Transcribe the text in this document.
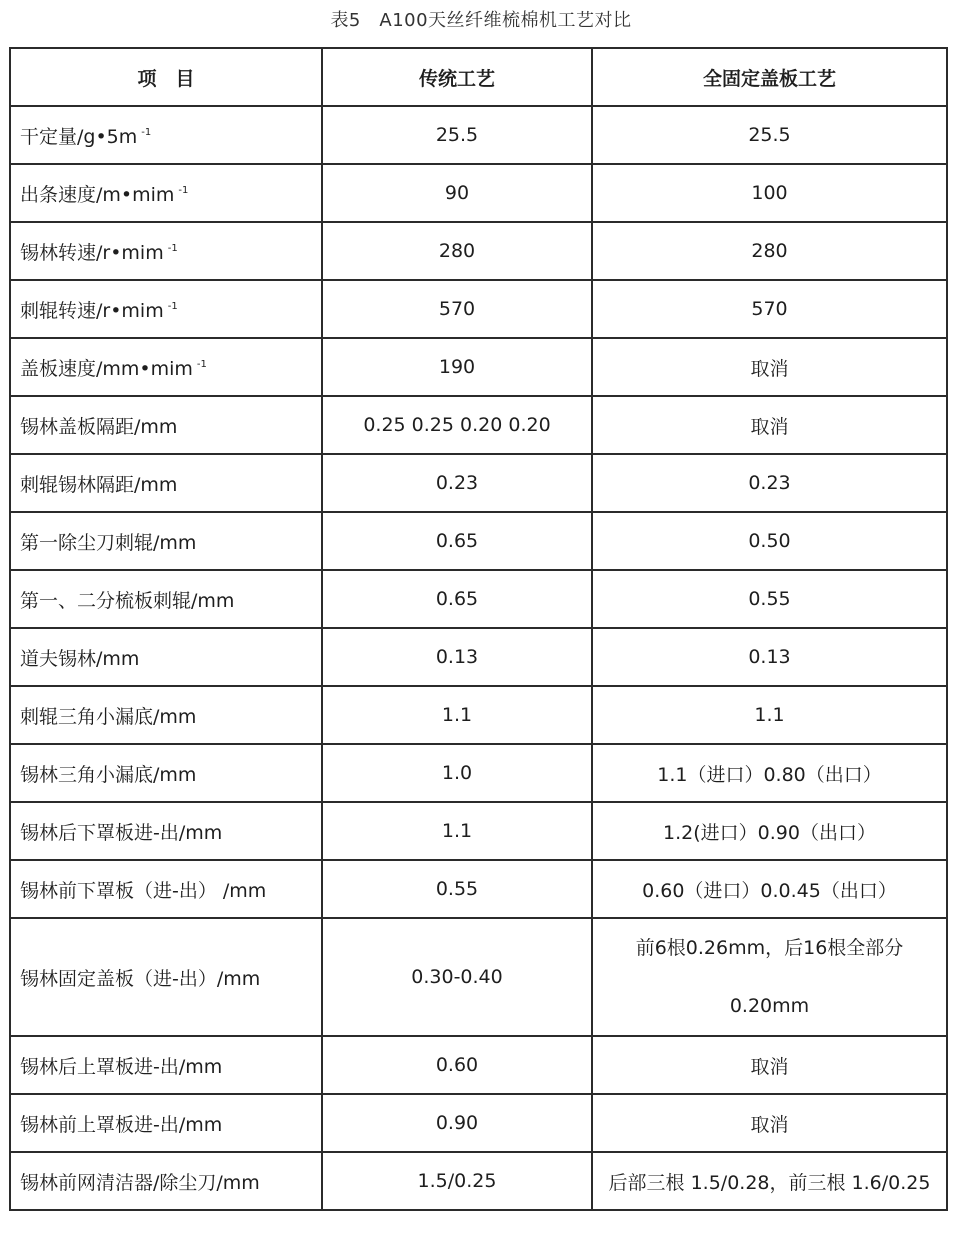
表5　A100天丝纤维梳棉机工艺对比
项　目	传统工艺	全固定盖板工艺
干定量/g•5m $^{-1}$	25.5	25.5
出条速度/m•mim $^{-1}$	90	100
锡林转速/r•mim $^{-1}$	280	280
刺辊转速/r•mim $^{-1}$	570	570
盖板速度/mm•mim $^{-1}$	190	取消
锡林盖板隔距/mm	0.25 0.25 0.20 0.20	取消
刺辊锡林隔距/mm	0.23	0.23
第一除尘刀刺辊/mm	0.65	0.50
第一、二分梳板刺辊/mm	0.65	0.55
道夫锡林/mm	0.13	0.13
刺辊三角小漏底/mm	1.1	1.1
锡林三角小漏底/mm	1.0	1.1（进口）0.80（出口）
锡林后下罩板进-出/mm	1.1	1.2(进口）0.90（出口）
锡林前下罩板（进-出） /mm	0.55	0.60（进口）0.0.45（出口）
锡林固定盖板（进-出）/mm	0.30-0.40	前6根0.26mm，后16根全部分
0.20mm

锡林后上罩板进-出/mm	0.60	取消
锡林前上罩板进-出/mm	0.90	取消
锡林前网清洁器/除尘刀/mm	1.5/0.25	后部三根 1.5/0.28，前三根 1.6/0.25
